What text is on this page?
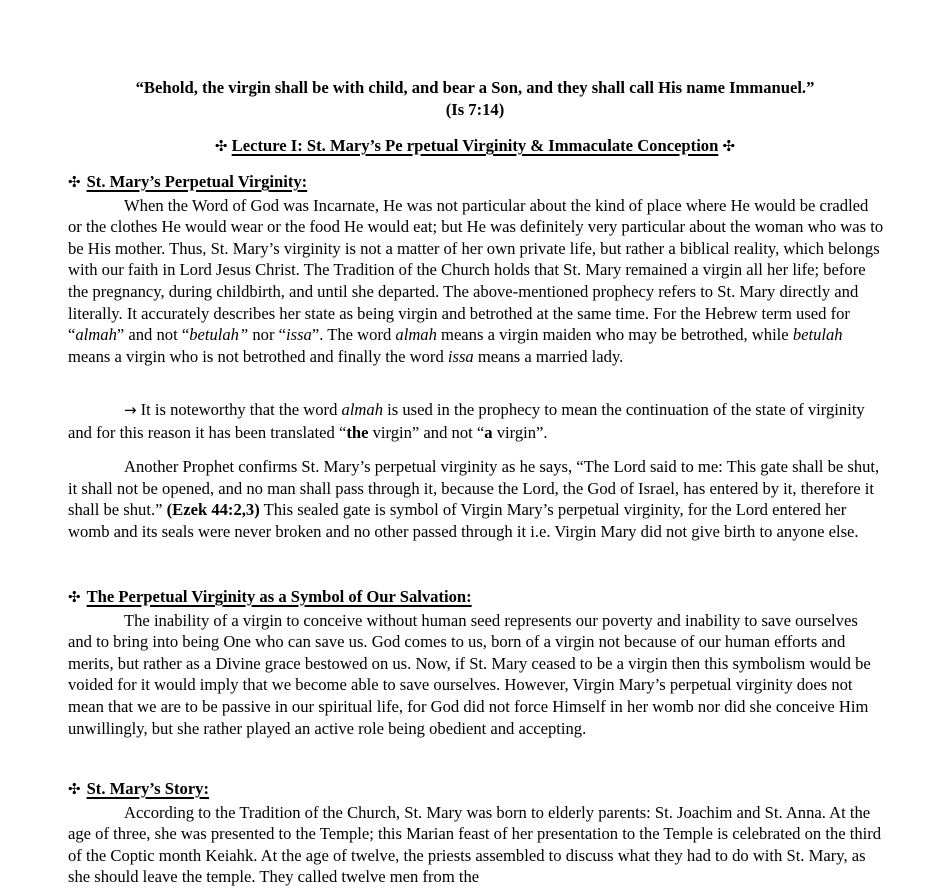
“Behold, the virgin shall be with child, and bear a Son, and they shall call His name Immanuel.”
(Is 7:14)
✣ Lecture I: St. Mary’s Pe rpetual Virginity & Immaculate Conception ✣
✣ St. Mary’s Perpetual Virginity:

When the Word of God was Incarnate, He was not particular about the kind of place where He would be cradled or the clothes He would wear or the food He would eat; but He was definitely very particular about the woman who was to be His mother. Thus, St. Mary’s virginity is not a matter of her own private life, but rather a biblical reality, which belongs with our faith in Lord Jesus Christ. The Tradition of the Church holds that St. Mary remained a virgin all her life; before the pregnancy, during childbirth, and until she departed. The above-mentioned prophecy refers to St. Mary directly and literally. It accurately describes her state as being virgin and betrothed at the same time. For the Hebrew term used for “almah” and not “betulah” nor “issa”. The word almah means a virgin maiden who may be betrothed, while betulah means a virgin who is not betrothed and finally the word issa means a married lady.

→ It is noteworthy that the word almah is used in the prophecy to mean the continuation of the state of virginity and for this reason it has been translated “the virgin” and not “a virgin”.

Another Prophet confirms St. Mary’s perpetual virginity as he says, “The Lord said to me: This gate shall be shut, it shall not be opened, and no man shall pass through it, because the Lord, the God of Israel, has entered by it, therefore it shall be shut.” (Ezek 44:2,3) This sealed gate is symbol of Virgin Mary’s perpetual virginity, for the Lord entered her womb and its seals were never broken and no other passed through it i.e. Virgin Mary did not give birth to anyone else.

✣ The Perpetual Virginity as a Symbol of Our Salvation:

The inability of a virgin to conceive without human seed represents our poverty and inability to save ourselves and to bring into being One who can save us. God comes to us, born of a virgin not because of our human efforts and merits, but rather as a Divine grace bestowed on us. Now, if St. Mary ceased to be a virgin then this symbolism would be voided for it would imply that we become able to save ourselves. However, Virgin Mary’s perpetual virginity does not mean that we are to be passive in our spiritual life, for God did not force Himself in her womb nor did she conceive Him unwillingly, but she rather played an active role being obedient and accepting.

✣ St. Mary’s Story:

According to the Tradition of the Church, St. Mary was born to elderly parents: St. Joachim and St. Anna. At the age of three, she was presented to the Temple; this Marian feast of her presentation to the Temple is celebrated on the third of the Coptic month Keiahk. At the age of twelve, the priests assembled to discuss what they had to do with St. Mary, as she should leave the temple. They called twelve men from the
